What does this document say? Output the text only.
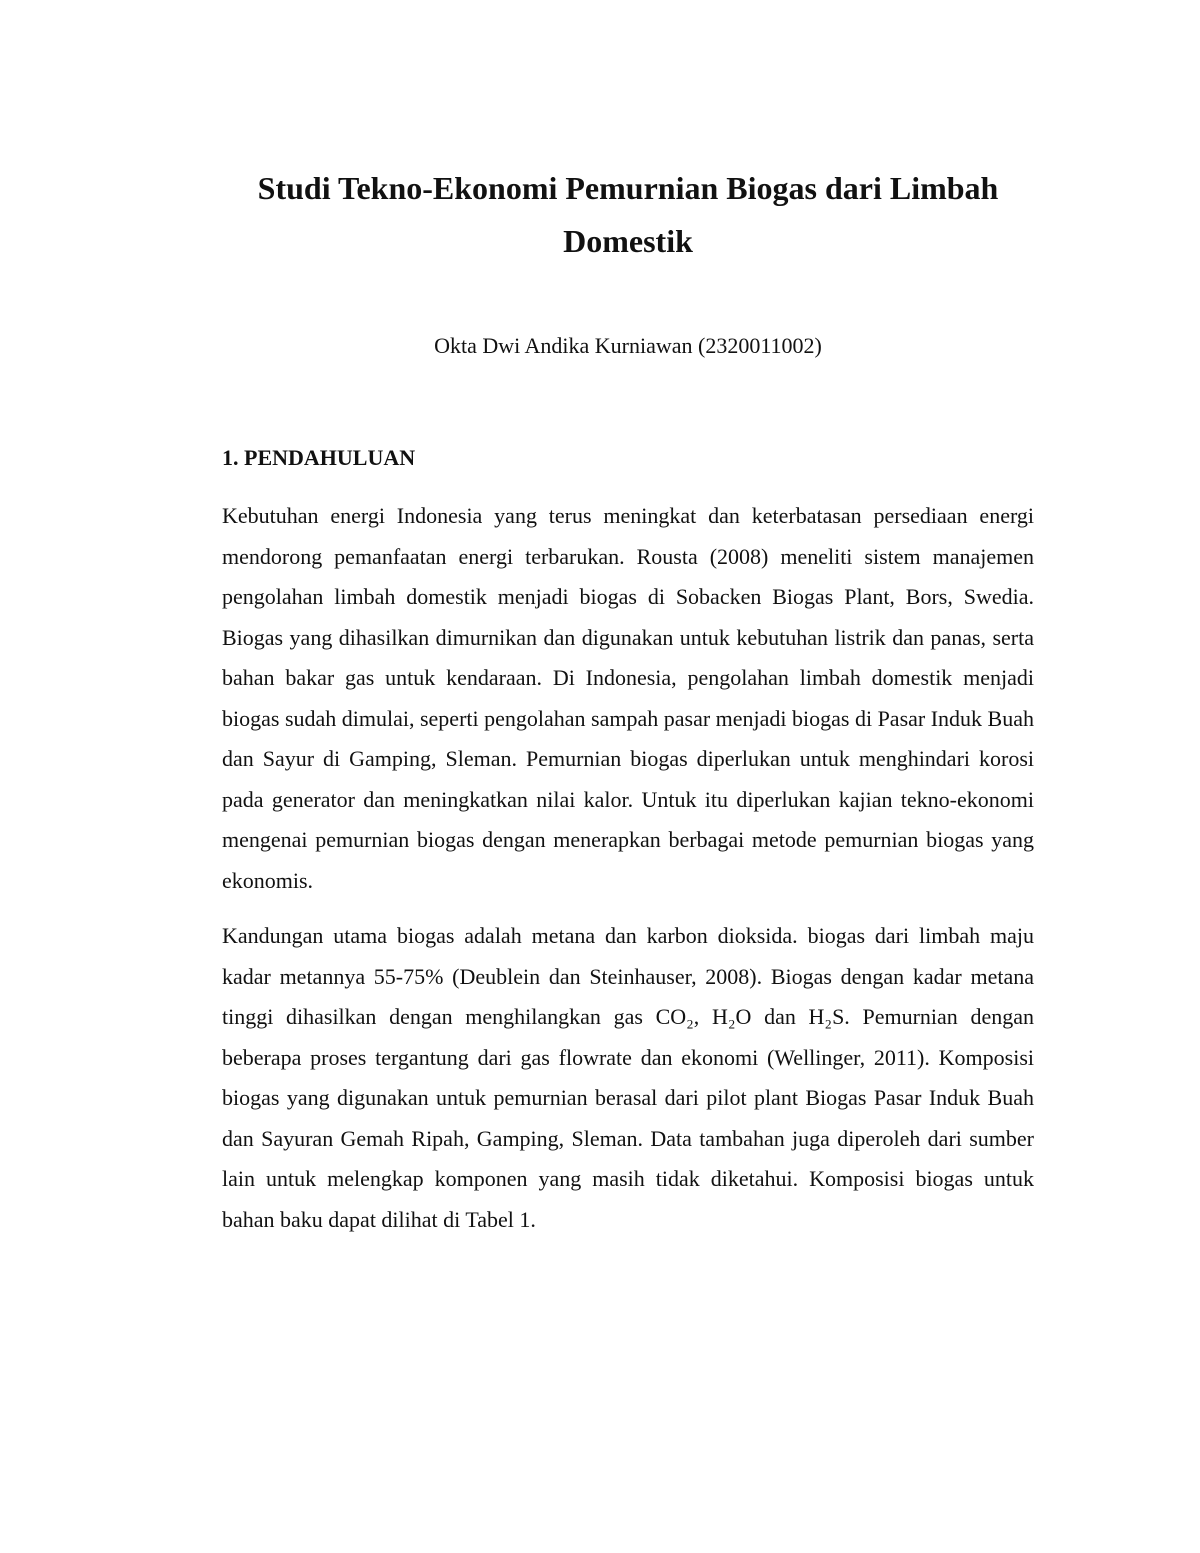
Studi Tekno-Ekonomi Pemurnian Biogas dari Limbah Domestik

Okta Dwi Andika Kurniawan (2320011002)

1. PENDAHULUAN

Kebutuhan energi Indonesia yang terus meningkat dan keterbatasan persediaan energi mendorong pemanfaatan energi terbarukan. Rousta (2008) meneliti sistem manajemen pengolahan limbah domestik menjadi biogas di Sobacken Biogas Plant, Bors, Swedia. Biogas yang dihasilkan dimurnikan dan digunakan untuk kebutuhan listrik dan panas, serta bahan bakar gas untuk kendaraan. Di Indonesia, pengolahan limbah domestik menjadi biogas sudah dimulai, seperti pengolahan sampah pasar menjadi biogas di Pasar Induk Buah dan Sayur di Gamping, Sleman. Pemurnian biogas diperlukan untuk menghindari korosi pada generator dan meningkatkan nilai kalor. Untuk itu diperlukan kajian tekno-ekonomi mengenai pemurnian biogas dengan menerapkan berbagai metode pemurnian biogas yang ekonomis.

Kandungan utama biogas adalah metana dan karbon dioksida. biogas dari limbah maju kadar metannya 55-75% (Deublein dan Steinhauser, 2008). Biogas dengan kadar metana tinggi dihasilkan dengan menghilangkan gas CO₂, H₂O dan H₂S. Pemurnian dengan beberapa proses tergantung dari gas flowrate dan ekonomi (Wellinger, 2011). Komposisi biogas yang digunakan untuk pemurnian berasal dari pilot plant Biogas Pasar Induk Buah dan Sayuran Gemah Ripah, Gamping, Sleman. Data tambahan juga diperoleh dari sumber lain untuk melengkap komponen yang masih tidak diketahui. Komposisi biogas untuk bahan baku dapat dilihat di Tabel 1.
